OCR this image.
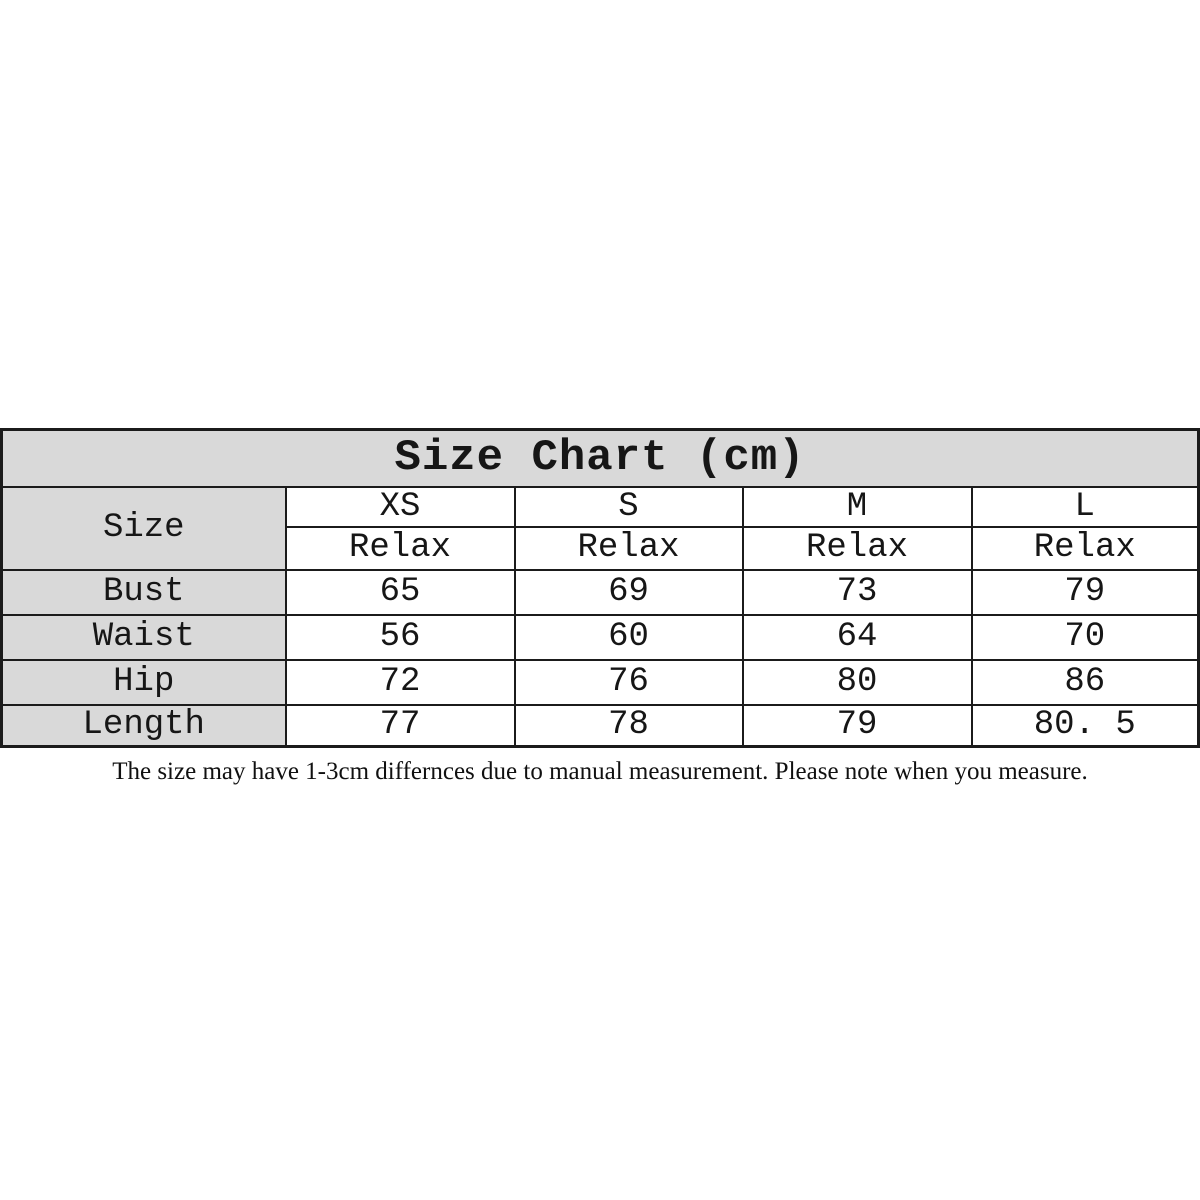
Size Chart (cm)				
Size	XS	S	M	L
	Relax	Relax	Relax	Relax
Bust	65	69	73	79
Waist	56	60	64	70
Hip	72	76	80	86
Length	77	78	79	80. 5
The size may have 1-3cm differnces due to manual measurement. Please note when you measure.
